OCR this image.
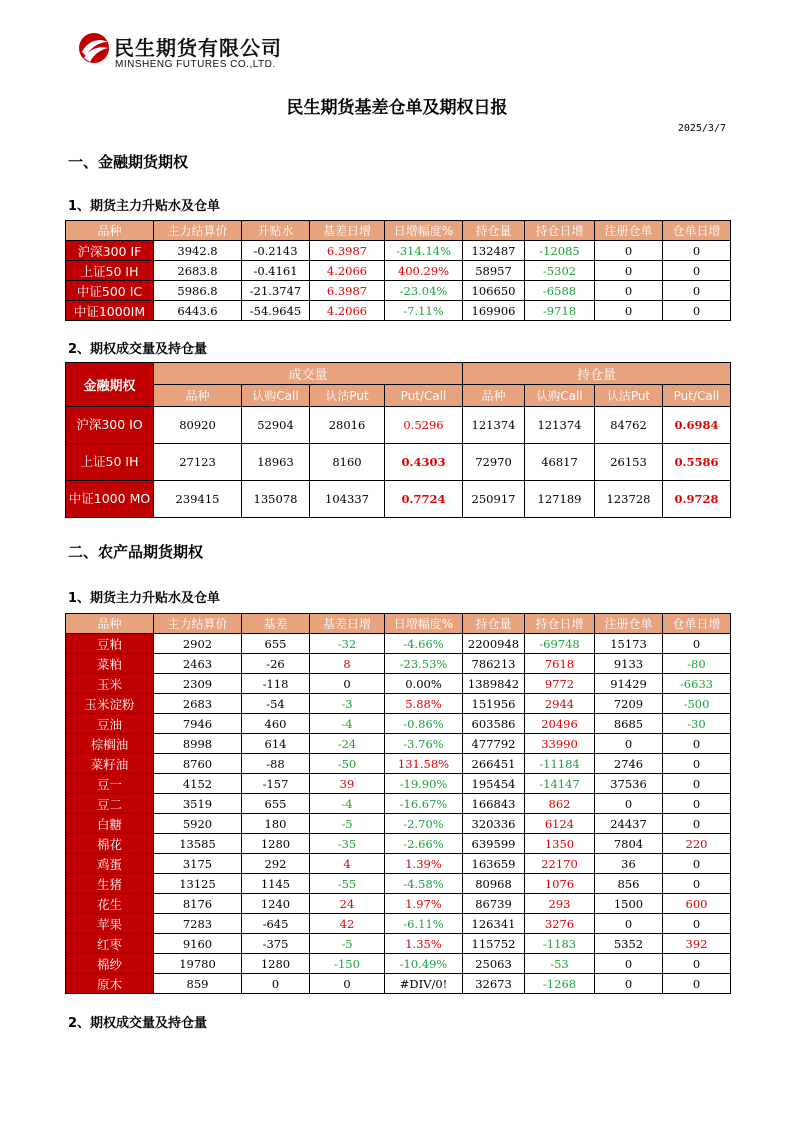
民生期货有限公司
MINSHENG FUTURES CO.,LTD.
民生期货基差仓单及期权日报
2025/3/7
一、金融期货期权
1、期货主力升贴水及仓单
品种	主力结算价	升贴水	基差日增	日增幅度%	持仓量	持仓日增	注册仓单	仓单日增
沪深300 IF	3942.8	-0.2143	6.3987	-314.14%	132487	-12085	0	0
上证50 IH	2683.8	-0.4161	4.2066	400.29%	58957	-5302	0	0
中证500 IC	5986.8	-21.3747	6.3987	-23.04%	106650	-6588	0	0
中证1000IM	6443.6	-54.9645	4.2066	-7.11%	169906	-9718	0	0
2、期权成交量及持仓量
金融期权	成交量				持仓量			
	品种	认购Call	认沽Put	Put/Call	品种	认购Call	认沽Put	Put/Call
沪深300 IO	80920	52904	28016	0.5296	121374	121374	84762	0.6984
上证50 IH	27123	18963	8160	0.4303	72970	46817	26153	0.5586
中证1000 MO	239415	135078	104337	0.7724	250917	127189	123728	0.9728
二、农产品期货期权
1、期货主力升贴水及仓单
品种	主力结算价	基差	基差日增	日增幅度%	持仓量	持仓日增	注册仓单	仓单日增
豆粕	2902	655	-32	-4.66%	2200948	-69748	15173	0
菜粕	2463	-26	8	-23.53%	786213	7618	9133	-80
玉米	2309	-118	0	0.00%	1389842	9772	91429	-6633
玉米淀粉	2683	-54	-3	5.88%	151956	2944	7209	-500
豆油	7946	460	-4	-0.86%	603586	20496	8685	-30
棕榈油	8998	614	-24	-3.76%	477792	33990	0	0
菜籽油	8760	-88	-50	131.58%	266451	-11184	2746	0
豆一	4152	-157	39	-19.90%	195454	-14147	37536	0
豆二	3519	655	-4	-16.67%	166843	862	0	0
白糖	5920	180	-5	-2.70%	320336	6124	24437	0
棉花	13585	1280	-35	-2.66%	639599	1350	7804	220
鸡蛋	3175	292	4	1.39%	163659	22170	36	0
生猪	13125	1145	-55	-4.58%	80968	1076	856	0
花生	8176	1240	24	1.97%	86739	293	1500	600
苹果	7283	-645	42	-6.11%	126341	3276	0	0
红枣	9160	-375	-5	1.35%	115752	-1183	5352	392
棉纱	19780	1280	-150	-10.49%	25063	-53	0	0
原木	859	0	0	#DIV/0!	32673	-1268	0	0
2、期权成交量及持仓量
